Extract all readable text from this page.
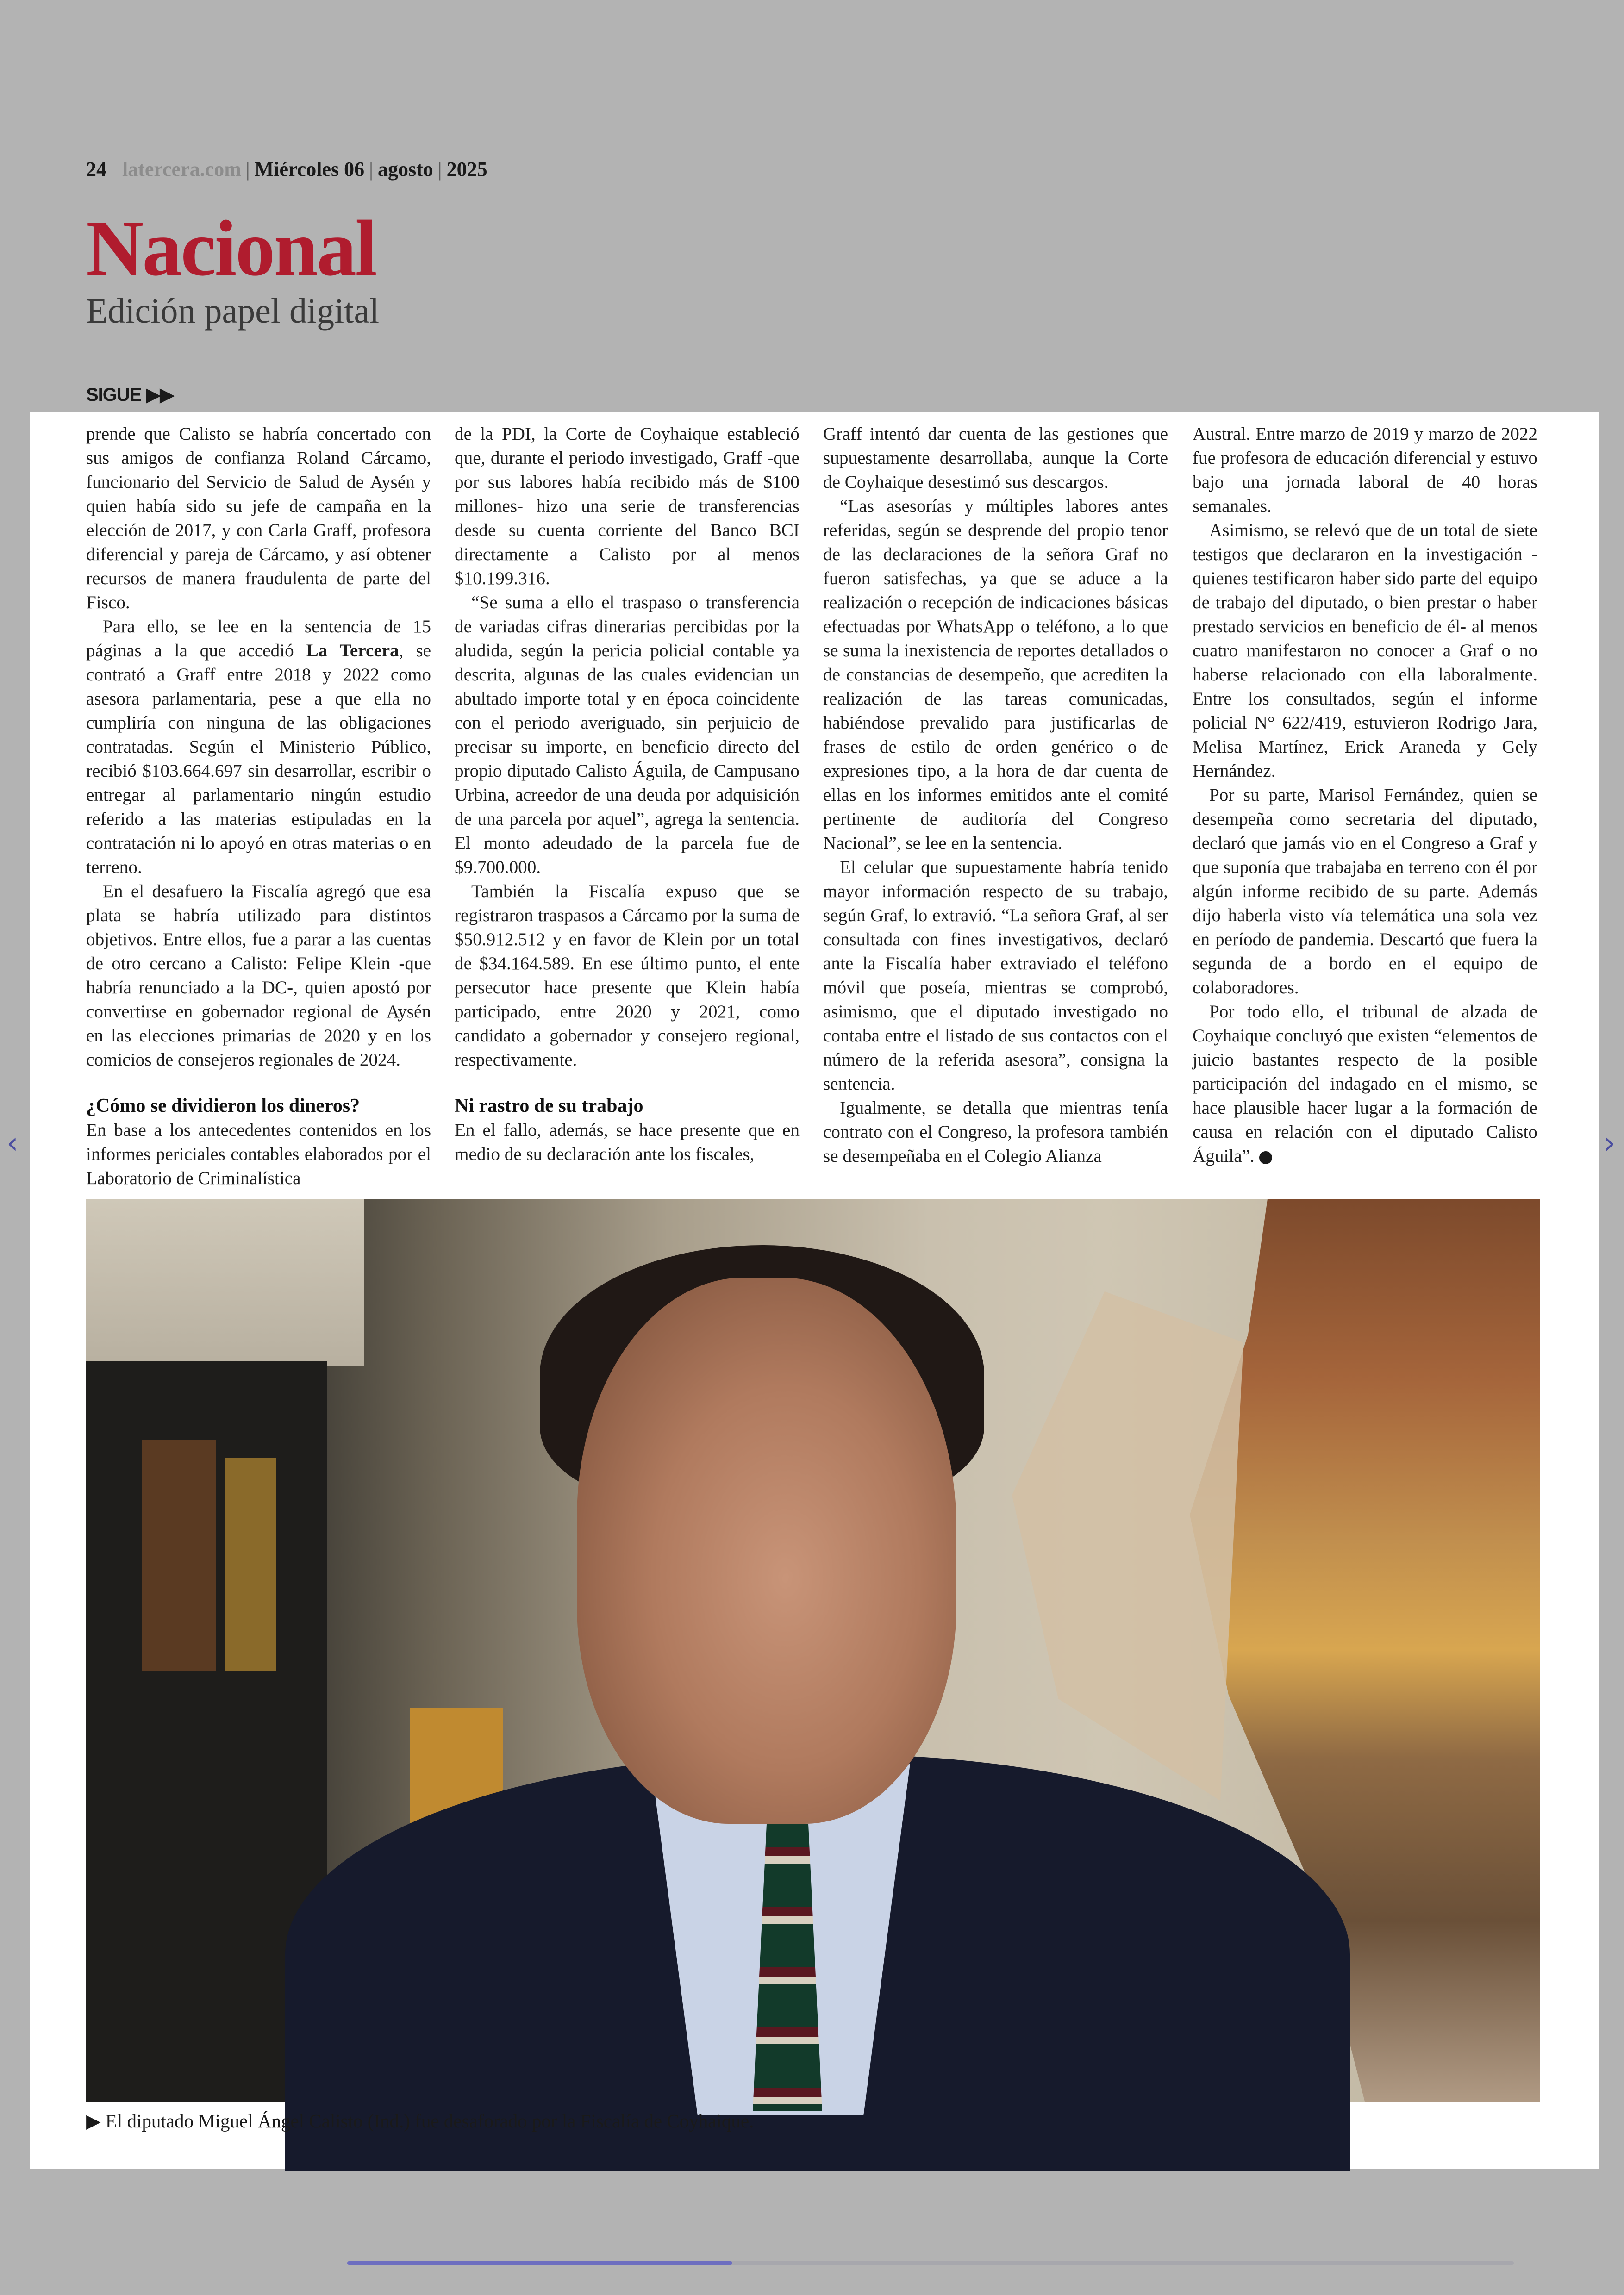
24 latercera.com | Miércoles 06 | agosto | 2025
Nacional
Edición papel digital
SIGUE ▶▶
‹	›

prende que Calisto se habría concertado con sus amigos de confianza Roland Cárcamo, funcionario del Servicio de Salud de Aysén y quien había sido su jefe de campaña en la elección de 2017, y con Carla Graff, profesora diferencial y pareja de Cárcamo, y así obtener recursos de manera fraudulenta de parte del Fisco.

Para ello, se lee en la sentencia de 15 páginas a la que accedió La Tercera, se contrató a Graff entre 2018 y 2022 como asesora parlamentaria, pese a que ella no cumpliría con ninguna de las obligaciones contratadas. Según el Ministerio Público, recibió $103.664.697 sin desarrollar, escribir o entregar al parlamentario ningún estudio referido a las materias estipuladas en la contratación ni lo apoyó en otras materias o en terreno.

En el desafuero la Fiscalía agregó que esa plata se habría utilizado para distintos objetivos. Entre ellos, fue a parar a las cuentas de otro cercano a Calisto: Felipe Klein -que habría renunciado a la DC-, quien apostó por convertirse en gobernador regional de Aysén en las elecciones primarias de 2020 y en los comicios de consejeros regionales de 2024.

¿Cómo se dividieron los dineros?

En base a los antecedentes contenidos en los informes periciales contables elaborados por el Laboratorio de Criminalística

de la PDI, la Corte de Coyhaique estableció que, durante el periodo investigado, Graff -que por sus labores había recibido más de $100 millones- hizo una serie de transferencias desde su cuenta corriente del Banco BCI directamente a Calisto por al menos $10.199.316.

“Se suma a ello el traspaso o transferencia de variadas cifras dinerarias percibidas por la aludida, según la pericia policial contable ya descrita, algunas de las cuales evidencian un abultado importe total y en época coincidente con el periodo averiguado, sin perjuicio de precisar su importe, en beneficio directo del propio diputado Calisto Águila, de Campusano Urbina, acreedor de una deuda por adquisición de una parcela por aquel”, agrega la sentencia. El monto adeudado de la parcela fue de $9.700.000.

También la Fiscalía expuso que se registraron traspasos a Cárcamo por la suma de $50.912.512 y en favor de Klein por un total de $34.164.589. En ese último punto, el ente persecutor hace presente que Klein había participado, entre 2020 y 2021, como candidato a gobernador y consejero regional, respectivamente.

Ni rastro de su trabajo

En el fallo, además, se hace presente que en medio de su declaración ante los fiscales,

Graff intentó dar cuenta de las gestiones que supuestamente desarrollaba, aunque la Corte de Coyhaique desestimó sus descargos.

“Las asesorías y múltiples labores antes referidas, según se desprende del propio tenor de las declaraciones de la señora Graf no fueron satisfechas, ya que se aduce a la realización o recepción de indicaciones básicas efectuadas por WhatsApp o teléfono, a lo que se suma la inexistencia de reportes detallados o de constancias de desempeño, que acrediten la realización de las tareas comunicadas, habiéndose prevalido para justificarlas de frases de estilo de orden genérico o de expresiones tipo, a la hora de dar cuenta de ellas en los informes emitidos ante el comité pertinente de auditoría del Congreso Nacional”, se lee en la sentencia.

El celular que supuestamente habría tenido mayor información respecto de su trabajo, según Graf, lo extravió. “La señora Graf, al ser consultada con fines investigativos, declaró ante la Fiscalía haber extraviado el teléfono móvil que poseía, mientras se comprobó, asimismo, que el diputado investigado no contaba entre el listado de sus contactos con el número de la referida asesora”, consigna la sentencia.

Igualmente, se detalla que mientras tenía contrato con el Congreso, la profesora también se desempeñaba en el Colegio Alianza

Austral. Entre marzo de 2019 y marzo de 2022 fue profesora de educación diferencial y estuvo bajo una jornada laboral de 40 horas semanales.

Asimismo, se relevó que de un total de siete testigos que declararon en la investigación -quienes testificaron haber sido parte del equipo de trabajo del diputado, o bien prestar o haber prestado servicios en beneficio de él- al menos cuatro manifestaron no conocer a Graf o no haberse relacionado con ella laboralmente. Entre los consultados, según el informe policial N° 622/419, estuvieron Rodrigo Jara, Melisa Martínez, Erick Araneda y Gely Hernández.

Por su parte, Marisol Fernández, quien se desempeña como secretaria del diputado, declaró que jamás vio en el Congreso a Graf y que suponía que trabajaba en terreno con él por algún informe recibido de su parte. Además dijo haberla visto vía telemática una sola vez en período de pandemia. Descartó que fuera la segunda de a bordo en el equipo de colaboradores.

Por todo ello, el tribunal de alzada de Coyhaique concluyó que existen “elementos de juicio bastantes respecto de la posible participación del indagado en el mismo, se hace plausible hacer lugar a la formación de causa en relación con el diputado Calisto Águila”.

▶ El diputado Miguel Ángel Calisto (Ind.) fue desaforado por la Fiscalía de Coyhaique.
